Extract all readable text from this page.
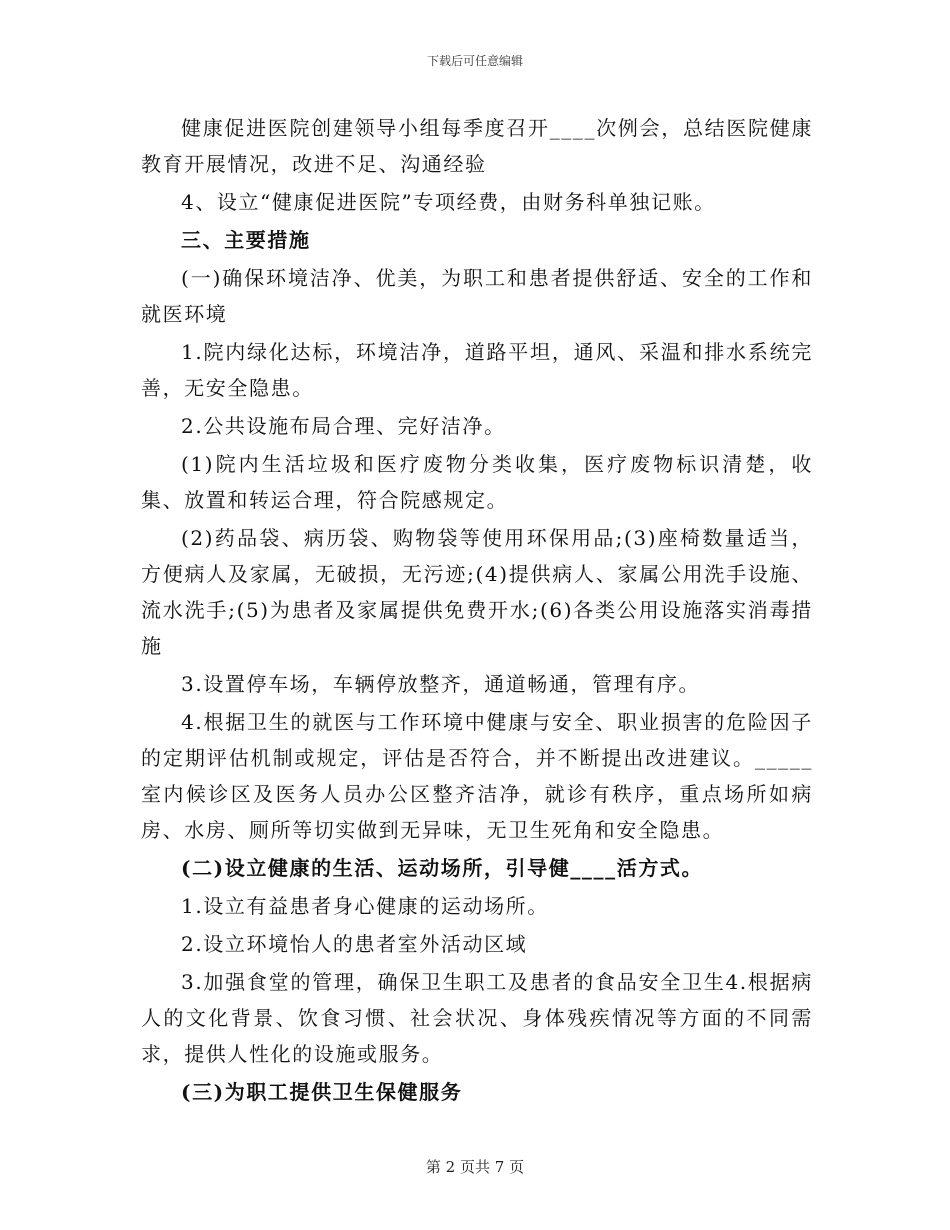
下载后可任意编辑

健康促进医院创建领导小组每季度召开____次例会，总结医院健康教育开展情况，改进不足、沟通经验

4、设立“健康促进医院”专项经费，由财务科单独记账。

三、主要措施

(一)确保环境洁净、优美，为职工和患者提供舒适、安全的工作和就医环境

1.院内绿化达标，环境洁净，道路平坦，通风、采温和排水系统完善，无安全隐患。

2.公共设施布局合理、完好洁净。

(1)院内生活垃圾和医疗废物分类收集，医疗废物标识清楚，收集、放置和转运合理，符合院感规定。

(2)药品袋、病历袋、购物袋等使用环保用品;(3)座椅数量适当，方便病人及家属，无破损，无污迹;(4)提供病人、家属公用洗手设施、流水洗手;(5)为患者及家属提供免费开水;(6)各类公用设施落实消毒措施

3.设置停车场，车辆停放整齐，通道畅通，管理有序。

4.根据卫生的就医与工作环境中健康与安全、职业损害的危险因子的定期评估机制或规定，评估是否符合，并不断提出改进建议。_____室内候诊区及医务人员办公区整齐洁净，就诊有秩序，重点场所如病房、水房、厕所等切实做到无异味，无卫生死角和安全隐患。

(二)设立健康的生活、运动场所，引导健____活方式。

1.设立有益患者身心健康的运动场所。

2.设立环境怡人的患者室外活动区域

3.加强食堂的管理，确保卫生职工及患者的食品安全卫生4.根据病人的文化背景、饮食习惯、社会状况、身体残疾情况等方面的不同需求，提供人性化的设施或服务。

(三)为职工提供卫生保健服务

第 2 页共 7 页
